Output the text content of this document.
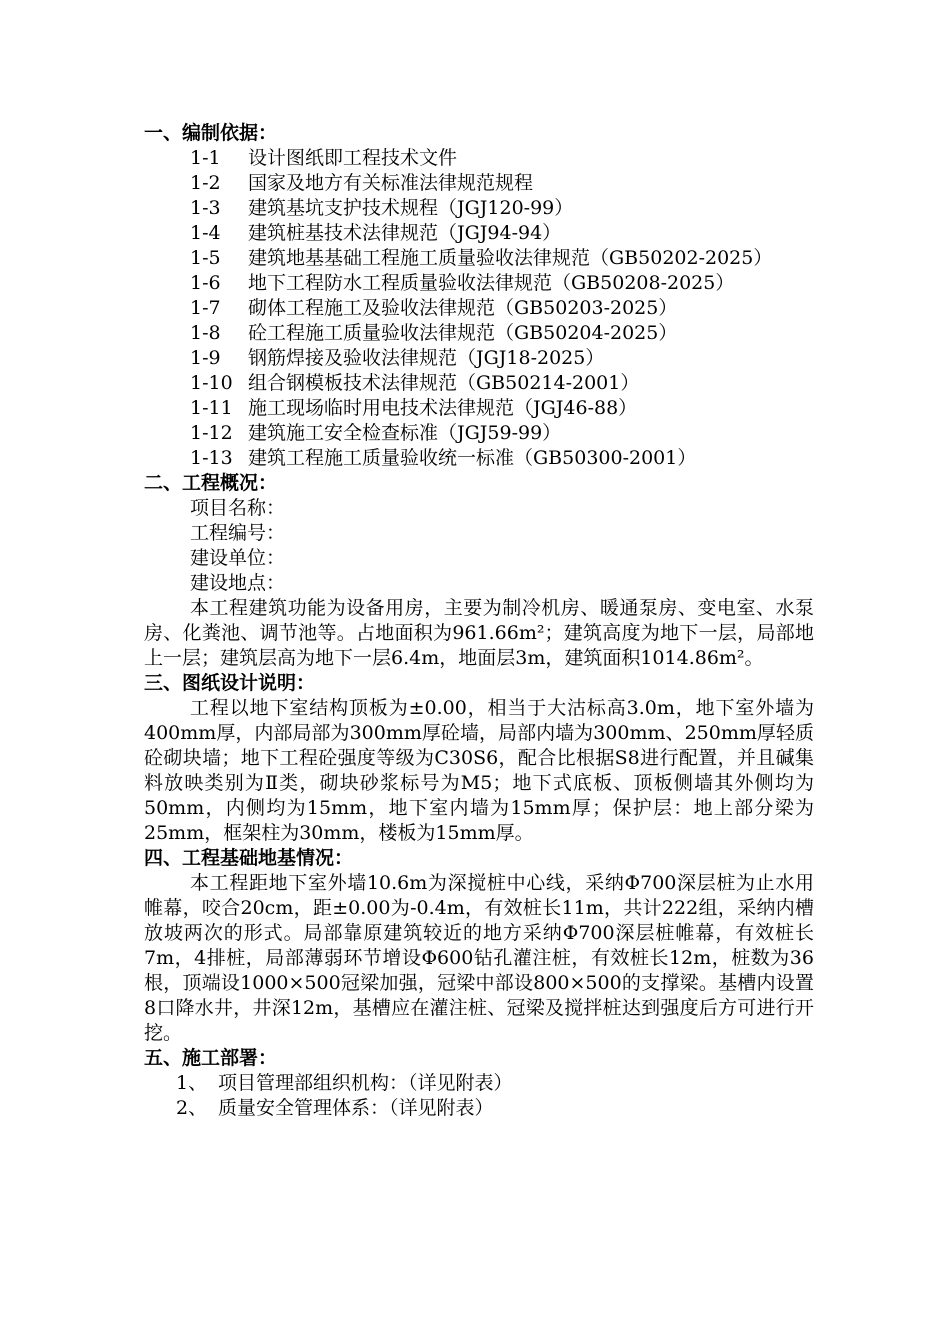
一、编制依据：
1-1	设计图纸即工程技术文件
1-2	国家及地方有关标准法律规范规程
1-3	建筑基坑支护技术规程（JGJ120-99）
1-4	建筑桩基技术法律规范（JGJ94-94）
1-5	建筑地基基础工程施工质量验收法律规范（GB50202-2025）
1-6	地下工程防水工程质量验收法律规范（GB50208-2025）
1-7	砌体工程施工及验收法律规范（GB50203-2025）
1-8	砼工程施工质量验收法律规范（GB50204-2025）
1-9	钢筋焊接及验收法律规范（JGJ18-2025）
1-10 组合钢模板技术法律规范（GB50214-2001）
1-11 施工现场临时用电技术法律规范（JGJ46-88）
1-12 建筑施工安全检查标准（JGJ59-99）
1-13 建筑工程施工质量验收统一标准（GB50300-2001）
二、工程概况：
项目名称：
工程编号：
建设单位：
建设地点：
本工程建筑功能为设备用房，主要为制冷机房、暖通泵房、变电室、水泵房、化粪池、调节池等。占地面积为961.66m²；建筑高度为地下一层，局部地上一层；建筑层高为地下一层6.4m，地面层3m，建筑面积1014.86m²。
三、图纸设计说明：
工程以地下室结构顶板为±0.00，相当于大沽标高3.0m，地下室外墙为400mm厚，内部局部为300mm厚砼墙，局部内墙为300mm、250mm厚轻质砼砌块墙；地下工程砼强度等级为C30S6，配合比根据S8进行配置，并且碱集料放映类别为Ⅱ类，砌块砂浆标号为M5；地下式底板、顶板侧墙其外侧均为50mm，内侧均为15mm，地下室内墙为15mm厚；保护层：地上部分梁为25mm，框架柱为30mm，楼板为15mm厚。
四、工程基础地基情况：
本工程距地下室外墙10.6m为深搅桩中心线，采纳Φ700深层桩为止水用帷幕，咬合20cm，距±0.00为-0.4m，有效桩长11m，共计222组，采纳内槽放坡两次的形式。局部靠原建筑较近的地方采纳Φ700深层桩帷幕，有效桩长7m，4排桩，局部薄弱环节增设Φ600钻孔灌注桩，有效桩长12m，桩数为36根，顶端设1000×500冠梁加强，冠梁中部设800×500的支撑梁。基槽内设置8口降水井，井深12m，基槽应在灌注桩、冠梁及搅拌桩达到强度后方可进行开挖。
五、施工部署：
1、 项目管理部组织机构：（详见附表）
2、 质量安全管理体系：（详见附表）
